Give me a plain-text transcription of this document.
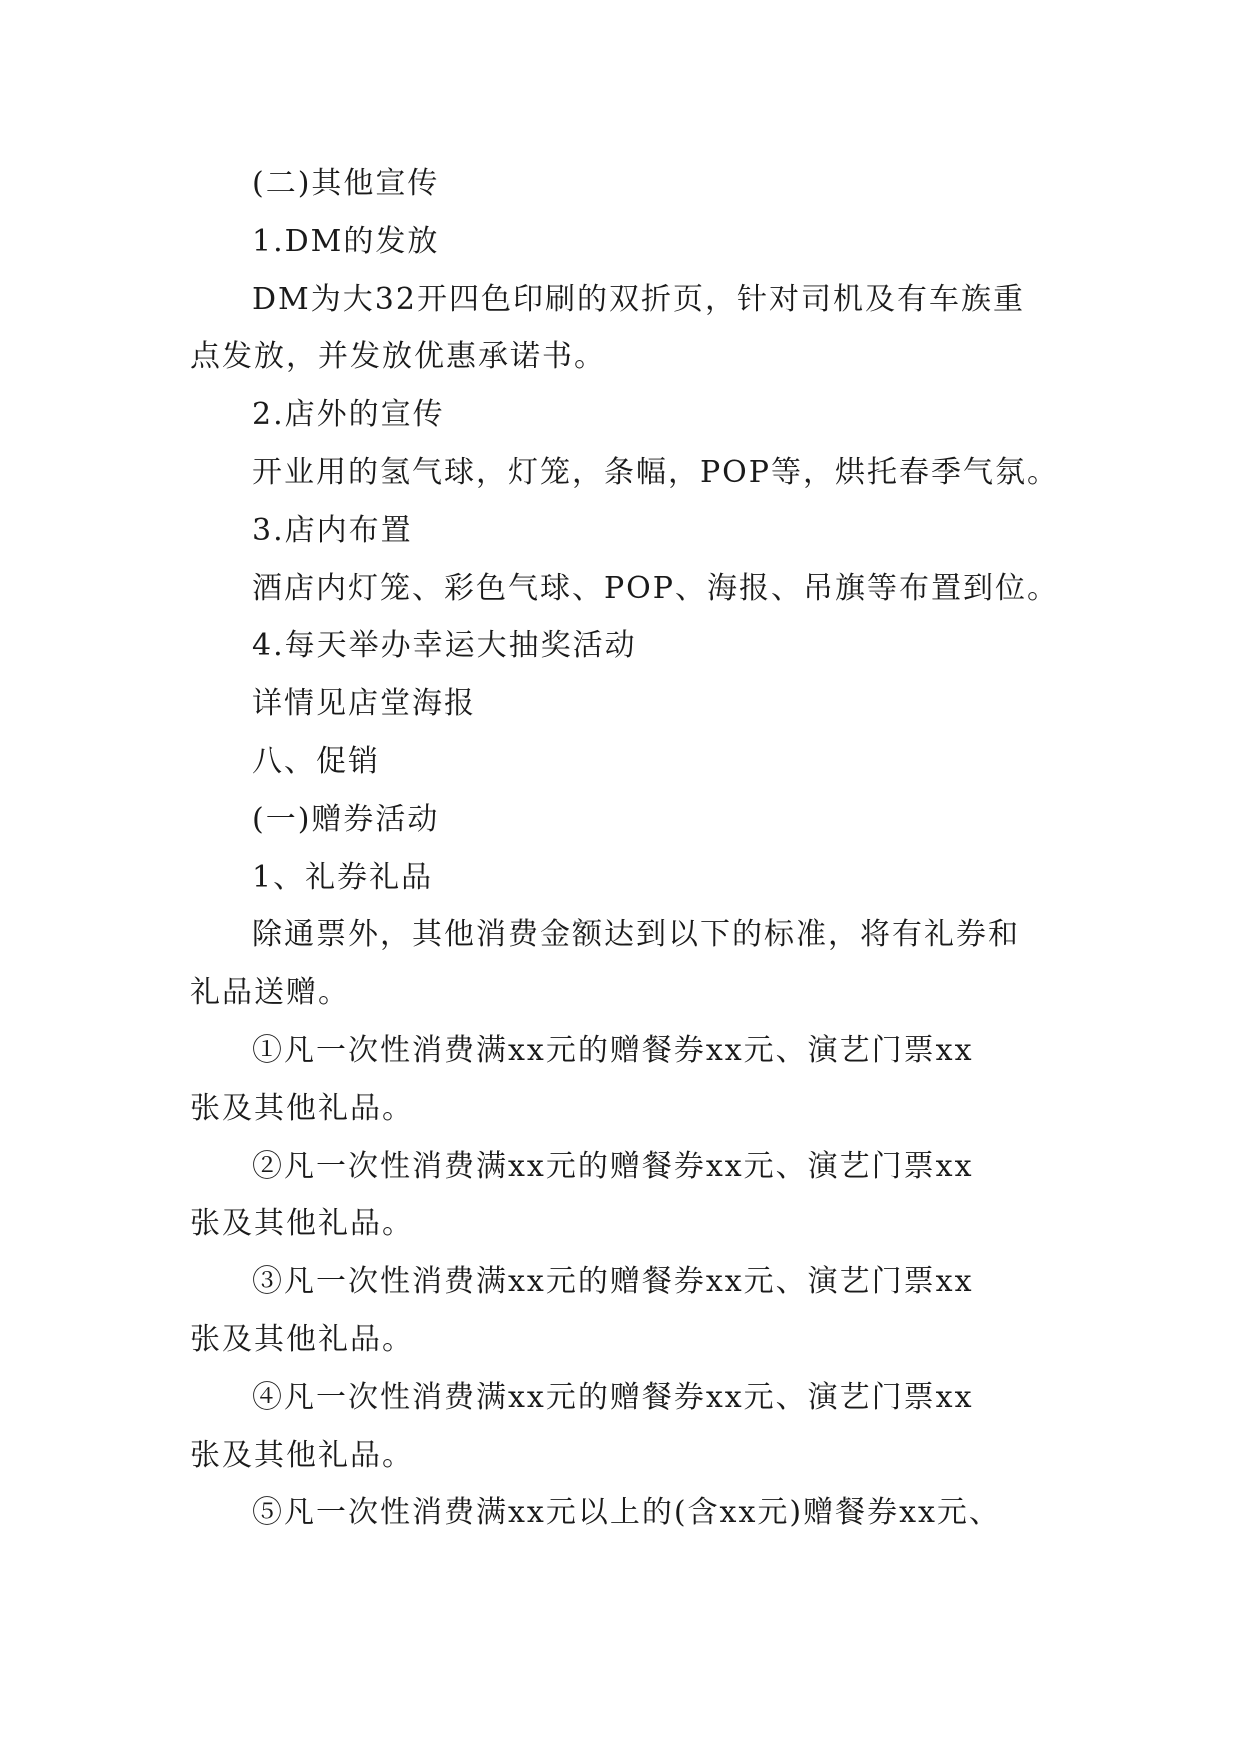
(二)其他宣传

1.DM的发放

DM为大32开四色印刷的双折页，针对司机及有车族重

点发放，并发放优惠承诺书。

2.店外的宣传

开业用的氢气球，灯笼，条幅，POP等，烘托春季气氛。

3.店内布置

酒店内灯笼、彩色气球、POP、海报、吊旗等布置到位。

4.每天举办幸运大抽奖活动

详情见店堂海报

八、促销

(一)赠券活动

1、礼券礼品

除通票外，其他消费金额达到以下的标准，将有礼券和

礼品送赠。

①凡一次性消费满xx元的赠餐券xx元、演艺门票xx

张及其他礼品。

②凡一次性消费满xx元的赠餐券xx元、演艺门票xx

张及其他礼品。

③凡一次性消费满xx元的赠餐券xx元、演艺门票xx

张及其他礼品。

④凡一次性消费满xx元的赠餐券xx元、演艺门票xx

张及其他礼品。

⑤凡一次性消费满xx元以上的(含xx元)赠餐券xx元、
